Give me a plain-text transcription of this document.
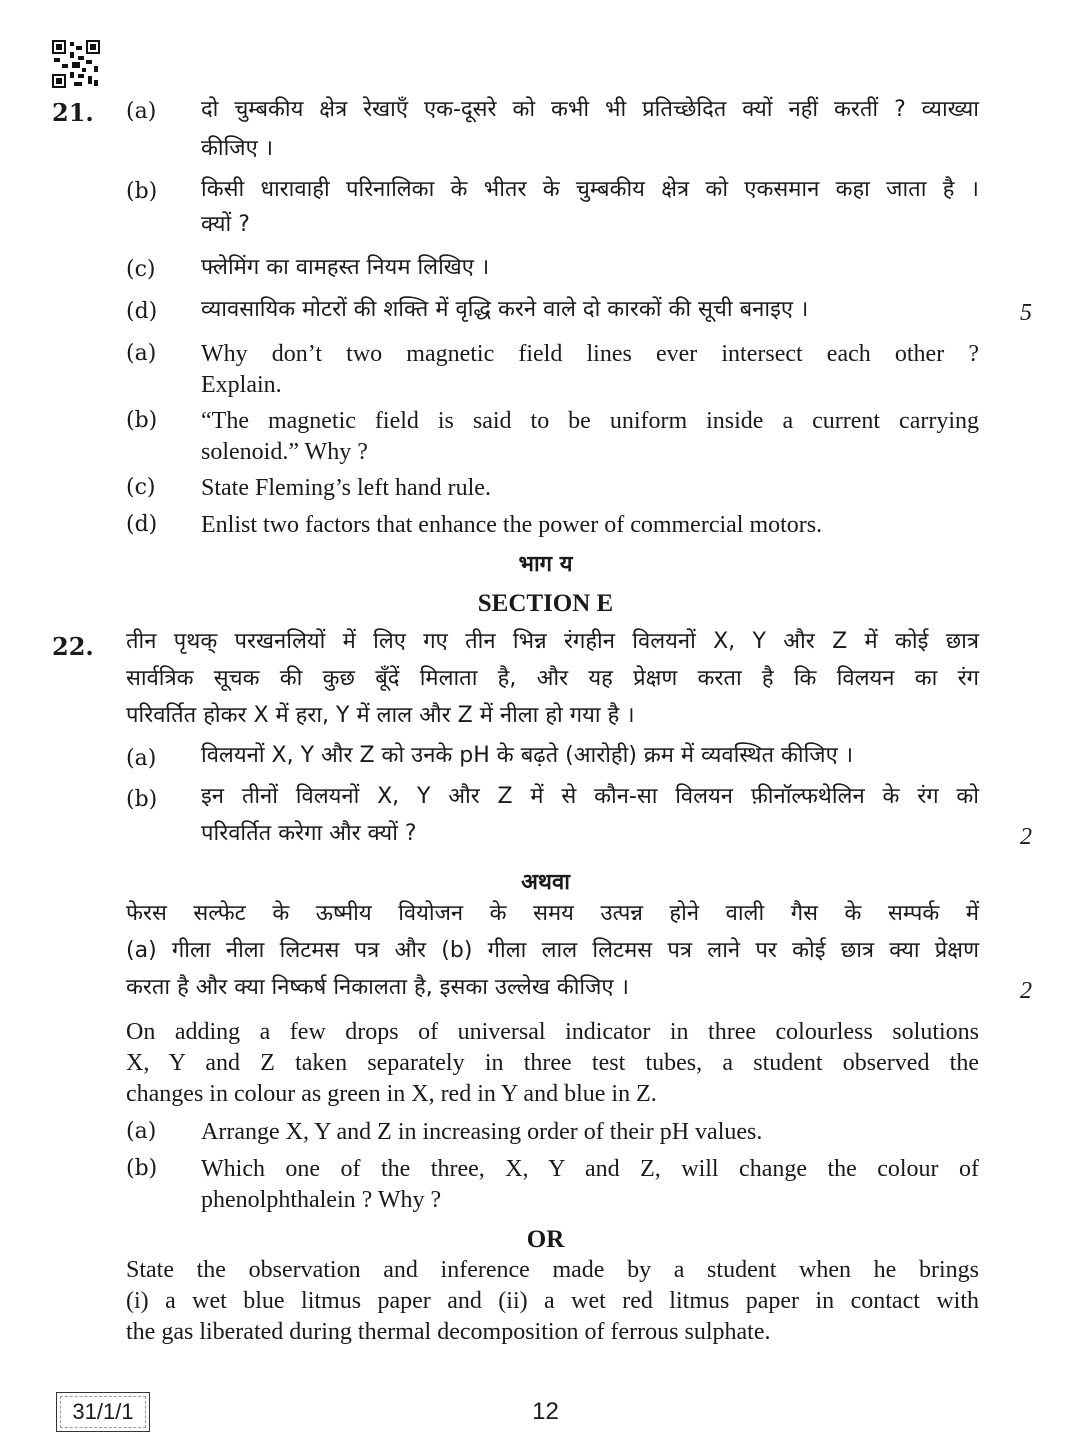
21. (a) दो चुम्बकीय क्षेत्र रेखाएँ एक-दूसरे को कभी भी प्रतिच्छेदित क्यों नहीं करतीं ? व्याख्या
कीजिए ।
(b) किसी धारावाही परिनालिका के भीतर के चुम्बकीय क्षेत्र को एकसमान कहा जाता है ।
क्यों ?
(c) फ्लेमिंग का वामहस्त नियम लिखिए ।
(d) व्यावसायिक मोटरों की शक्ति में वृद्धि करने वाले दो कारकों की सूची बनाइए ।	5
(a) Why don’t two magnetic field lines ever intersect each other ?
Explain.
(b) “The magnetic field is said to be uniform inside a current carrying
solenoid.” Why ?
(c) State Fleming’s left hand rule.
(d) Enlist two factors that enhance the power of commercial motors.
भाग य
SECTION E
22. तीन पृथक् परखनलियों में लिए गए तीन भिन्न रंगहीन विलयनों X, Y और Z में कोई छात्र
सार्वत्रिक सूचक की कुछ बूँदें मिलाता है, और यह प्रेक्षण करता है कि विलयन का रंग
परिवर्तित होकर X में हरा, Y में लाल और Z में नीला हो गया है ।
(a) विलयनों X, Y और Z को उनके pH के बढ़ते (आरोही) क्रम में व्यवस्थित कीजिए ।
(b) इन तीनों विलयनों X, Y और Z में से कौन-सा विलयन फ़ीनॉल्फथेलिन के रंग को
परिवर्तित करेगा और क्यों ?	2
अथवा
फेरस सल्फेट के ऊष्मीय वियोजन के समय उत्पन्न होने वाली गैस के सम्पर्क में
(a) गीला नीला लिटमस पत्र और (b) गीला लाल लिटमस पत्र लाने पर कोई छात्र क्या प्रेक्षण
करता है और क्या निष्कर्ष निकालता है, इसका उल्लेख कीजिए ।	2
On adding a few drops of universal indicator in three colourless solutions
X, Y and Z taken separately in three test tubes, a student observed the
changes in colour as green in X, red in Y and blue in Z.
(a) Arrange X, Y and Z in increasing order of their pH values.
(b) Which one of the three, X, Y and Z, will change the colour of
phenolphthalein ? Why ?
OR
State the observation and inference made by a student when he brings
(i) a wet blue litmus paper and (ii) a wet red litmus paper in contact with
the gas liberated during thermal decomposition of ferrous sulphate.
31/1/1	12
